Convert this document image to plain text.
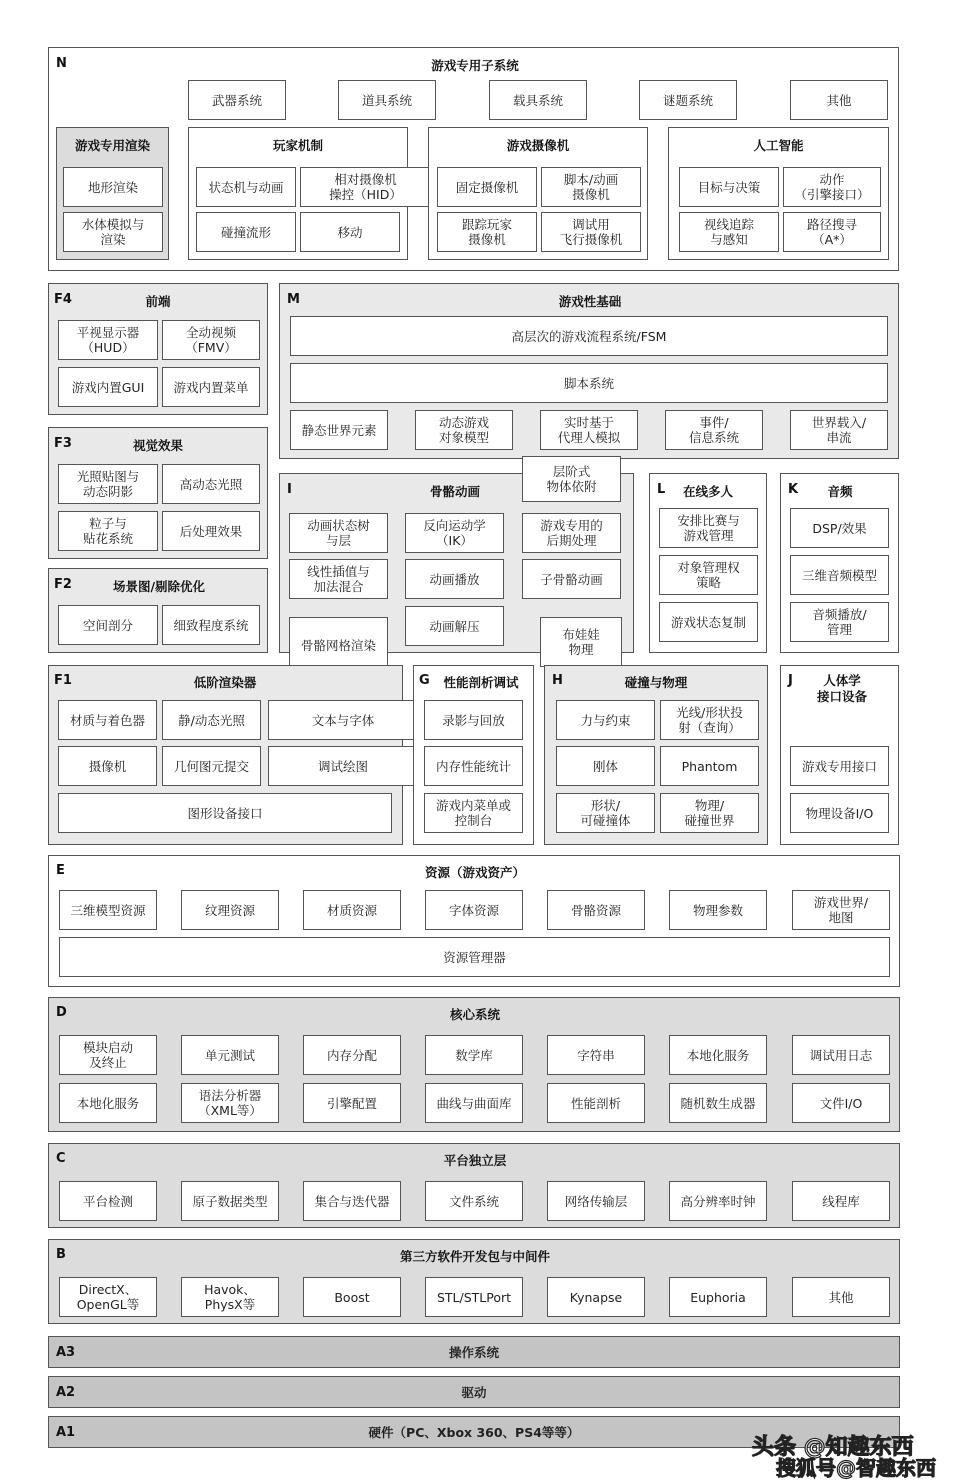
N	游戏专用子系统
武器系统	道具系统	载具系统	谜题系统	其他
游戏专用渲染
地形渲染
水体模拟与
渲染
玩家机制
状态机与动画	相对摄像机
操控（HID）
碰撞流形	移动
游戏摄像机
固定摄像机	脚本/动画
摄像机
跟踪玩家
摄像机
调试用
飞行摄像机
人工智能
目标与决策	动作
（引擎接口）
视线追踪
与感知
路径搜寻
（A*）
F4	前端
平视显示器
（HUD）
全动视频
（FMV）
游戏内置GUI	游戏内置菜单
F3	视觉效果
光照贴图与
动态阴影	高动态光照
粒子与
贴花系统	后处理效果
F2	场景图/剔除优化
空间剖分	细致程度系统
M	游戏性基础
高层次的游戏流程系统/FSM
脚本系统
静态世界元素	动态游戏
对象模型
实时基于
代理人模拟
事件/
信息系统
世界载入/
串流
I	骨骼动画
层阶式
物体依附
动画状态树
与层
反向运动学
（IK）
游戏专用的
后期处理
线性插值与
加法混合	动画播放	子骨骼动画
动画解压
骨骼网格渲染
布娃娃
物理
L	在线多人
安排比赛与
游戏管理
对象管理权
策略
游戏状态复制
K	音频
DSP/效果
三维音频模型
音频播放/
管理
F1	低阶渲染器
材质与着色器	静/动态光照	文本与字体
摄像机	几何图元提交	调试绘图
图形设备接口
G	性能剖析调试
录影与回放
内存性能统计
游戏内菜单或
控制台
H	碰撞与物理
力与约束	光线/形状投
射（查询）
刚体	Phantom
形状/
可碰撞体
物理/
碰撞世界
J	人体学
接口设备
游戏专用接口
物理设备I/O
E	资源（游戏资产）
三维模型资源	纹理资源	材质资源	字体资源	骨骼资源	物理参数	游戏世界/
地图
资源管理器
D	核心系统
模块启动
及终止	单元测试	内存分配	数学库	字符串	本地化服务	调试用日志
本地化服务	语法分析器
（XML等）	引擎配置	曲线与曲面库	性能剖析	随机数生成器	文件I/O
C	平台独立层
平台检测	原子数据类型	集合与迭代器	文件系统	网络传输层	高分辨率时钟	线程库
B	第三方软件开发包与中间件
DirectX、
OpenGL等
Havok、
PhysX等	Boost	STL/STLPort	Kynapse	Euphoria	其他
操作系统
A3
驱动
A2
硬件（PC、Xbox 360、PS4等等）
A1
头条 @知趣东西
搜狐号@智趣东西
